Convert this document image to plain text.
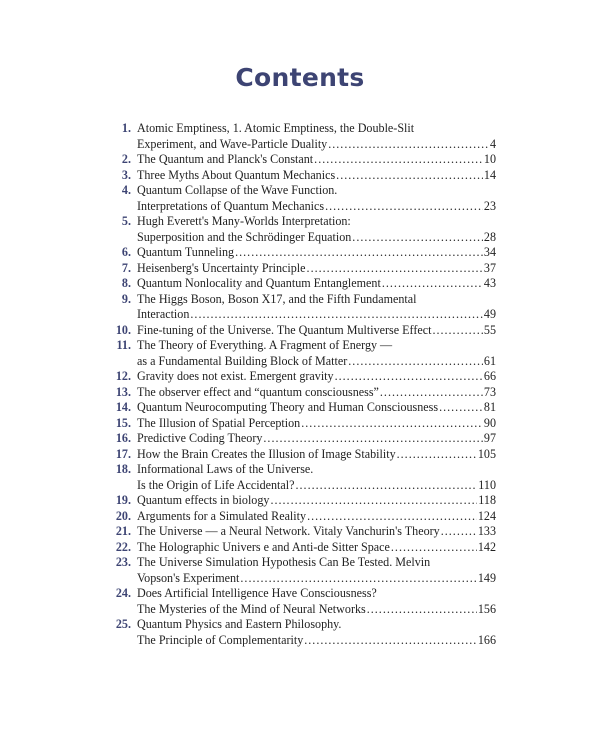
Contents
1. Atomic Emptiness, 1. Atomic Emptiness, the Double-Slit
Experiment, and Wave-Particle Duality .....	4
2. The Quantum and Planck's Constant .....	10
3. Three Myths About Quantum Mechanics .....	14
4. Quantum Collapse of the Wave Function.
Interpretations of Quantum Mechanics .....	23
5. Hugh Everett's Many-Worlds Interpretation:
Superposition and the Schrödinger Equation .....	28
6. Quantum Tunneling .....	34
7. Heisenberg's Uncertainty Principle .....	37
8. Quantum Nonlocality and Quantum Entanglement .....	43
9. The Higgs Boson, Boson X17, and the Fifth Fundamental
Interaction .....	49
10. Fine-tuning of the Universe. The Quantum Multiverse Effect .....	55
11. The Theory of Everything. A Fragment of Energy —
as a Fundamental Building Block of Matter .....	61
12. Gravity does not exist. Emergent gravity .....	66
13. The observer effect and “quantum consciousness” .....	73
14. Quantum Neurocomputing Theory and Human Consciousness .....	81
15. The Illusion of Spatial Perception .....	90
16. Predictive Coding Theory .....	97
17. How the Brain Creates the Illusion of Image Stability .....	105
18. Informational Laws of the Universe.
Is the Origin of Life Accidental? .....	110
19. Quantum effects in biology .....	118
20. Arguments for a Simulated Reality .....	124
21. The Universe — a Neural Network. Vitaly Vanchurin's Theory .....	133
22. The Holographic Univers e and Anti-de Sitter Space .....	142
23. The Universe Simulation Hypothesis Can Be Tested. Melvin
Vopson's Experiment .....	149
24. Does Artificial Intelligence Have Consciousness?
The Mysteries of the Mind of Neural Networks .....	156
25. Quantum Physics and Eastern Philosophy.
The Principle of Complementarity .....	166
